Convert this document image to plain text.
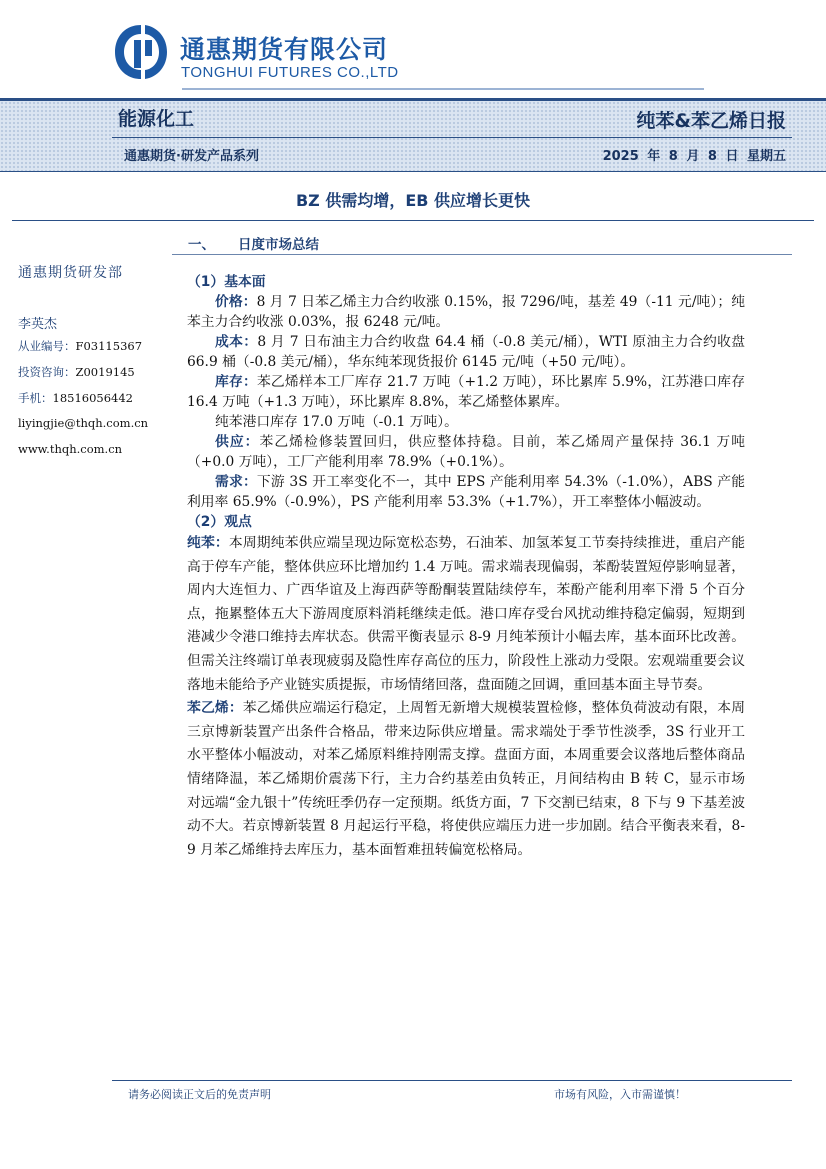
通惠期货有限公司
TONGHUI FUTURES CO.,LTD
能源化工	纯苯&苯乙烯日报
通惠期货·研发产品系列	2025 年 8 月 8 日 星期五
BZ 供需均增，EB 供应增长更快
一、 日度市场总结
通惠期货研发部
李英杰
从业编号：F03115367
投资咨询：Z0019145
手机：18516056442
liyingjie@thqh.com.cn
www.thqh.com.cn

（1）基本面

价格：8 月 7 日苯乙烯主力合约收涨 0.15%，报 7296/吨，基差 49（-11 元/吨）；纯苯主力合约收涨 0.03%，报 6248 元/吨。

成本：8 月 7 日布油主力合约收盘 64.4 桶（-0.8 美元/桶），WTI 原油主力合约收盘 66.9 桶（-0.8 美元/桶），华东纯苯现货报价 6145 元/吨（+50 元/吨）。

库存：苯乙烯样本工厂库存 21.7 万吨（+1.2 万吨），环比累库 5.9%，江苏港口库存 16.4 万吨（+1.3 万吨），环比累库 8.8%，苯乙烯整体累库。

纯苯港口库存 17.0 万吨（-0.1 万吨）。

供应：苯乙烯检修装置回归，供应整体持稳。目前，苯乙烯周产量保持 36.1 万吨（+0.0 万吨），工厂产能利用率 78.9%（+0.1%）。

需求：下游 3S 开工率变化不一，其中 EPS 产能利用率 54.3%（-1.0%），ABS 产能利用率 65.9%（-0.9%），PS 产能利用率 53.3%（+1.7%），开工率整体小幅波动。

（2）观点

纯苯：本周期纯苯供应端呈现边际宽松态势，石油苯、加氢苯复工节奏持续推进，重启产能高于停车产能，整体供应环比增加约 1.4 万吨。需求端表现偏弱，苯酚装置短停影响显著，周内大连恒力、广西华谊及上海西萨等酚酮装置陆续停车，苯酚产能利用率下滑 5 个百分点，拖累整体五大下游周度原料消耗继续走低。港口库存受台风扰动维持稳定偏弱，短期到港减少令港口维持去库状态。供需平衡表显示 8-9 月纯苯预计小幅去库，基本面环比改善。但需关注终端订单表现疲弱及隐性库存高位的压力，阶段性上涨动力受限。宏观端重要会议落地未能给予产业链实质提振，市场情绪回落，盘面随之回调，重回基本面主导节奏。

苯乙烯：苯乙烯供应端运行稳定，上周暂无新增大规模装置检修，整体负荷波动有限，本周三京博新装置产出条件合格品，带来边际供应增量。需求端处于季节性淡季，3S 行业开工水平整体小幅波动，对苯乙烯原料维持刚需支撑。盘面方面，本周重要会议落地后整体商品情绪降温，苯乙烯期价震荡下行，主力合约基差由负转正，月间结构由 B 转 C，显示市场对远端“金九银十”传统旺季仍存一定预期。纸货方面，7 下交割已结束，8 下与 9 下基差波动不大。若京博新装置 8 月起运行平稳，将使供应端压力进一步加剧。结合平衡表来看，8-9 月苯乙烯维持去库压力，基本面暂难扭转偏宽松格局。

请务必阅读正文后的免责声明	市场有风险，入市需谨慎！
